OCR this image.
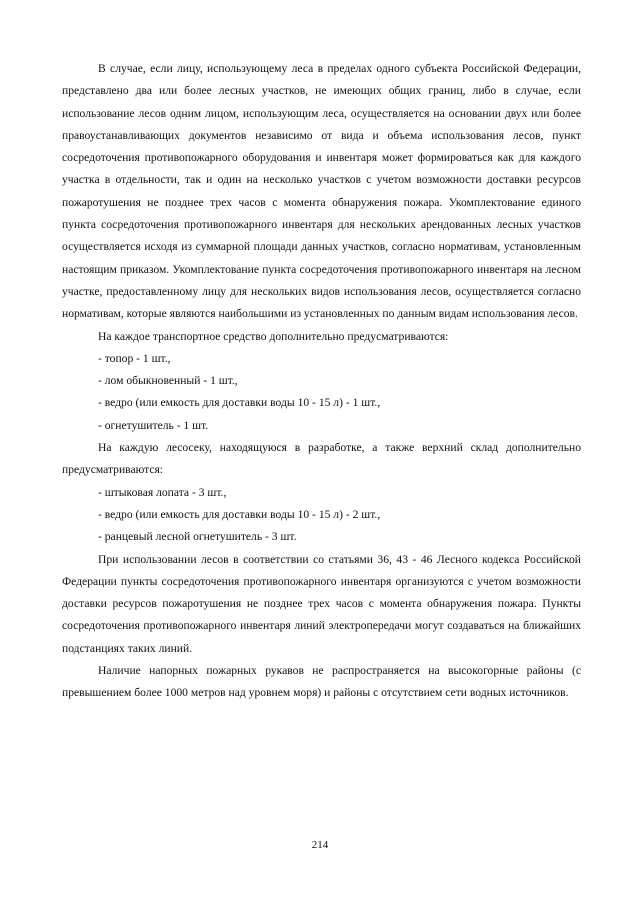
В случае, если лицу, использующему леса в пределах одного субъекта Российской Федерации, представлено два или более лесных участков, не имеющих общих границ, либо в случае, если использование лесов одним лицом, использующим леса, осуществляется на основании двух или более правоустанавливающих документов независимо от вида и объема использования лесов, пункт сосредоточения противопожарного оборудования и инвентаря может формироваться как для каждого участка в отдельности, так и один на несколько участков с учетом возможности доставки ресурсов пожаротушения не позднее трех часов с момента обнаружения пожара. Укомплектование единого пункта сосредоточения противопожарного инвентаря для нескольких арендованных лесных участков осуществляется исходя из суммарной площади данных участков, согласно нормативам, установленным настоящим приказом. Укомплектование пункта сосредоточения противопожарного инвентаря на лесном участке, предоставленному лицу для нескольких видов использования лесов, осуществляется согласно нормативам, которые являются наибольшими из установленных по данным видам использования лесов.

На каждое транспортное средство дополнительно предусматриваются:

- топор - 1 шт.,

- лом обыкновенный - 1 шт.,

- ведро (или емкость для доставки воды 10 - 15 л) - 1 шт.,

- огнетушитель - 1 шт.

На каждую лесосеку, находящуюся в разработке, а также верхний склад дополнительно предусматриваются:

- штыковая лопата - 3 шт.,

- ведро (или емкость для доставки воды 10 - 15 л) - 2 шт.,

- ранцевый лесной огнетушитель - 3 шт.

При использовании лесов в соответствии со статьями 36, 43 - 46 Лесного кодекса Российской Федерации пункты сосредоточения противопожарного инвентаря организуются с учетом возможности доставки ресурсов пожаротушения не позднее трех часов с момента обнаружения пожара. Пункты сосредоточения противопожарного инвентаря линий электропередачи могут создаваться на ближайших подстанциях таких линий.

Наличие напорных пожарных рукавов не распространяется на высокогорные районы (с превышением более 1000 метров над уровнем моря) и районы с отсутствием сети водных источников.

214
